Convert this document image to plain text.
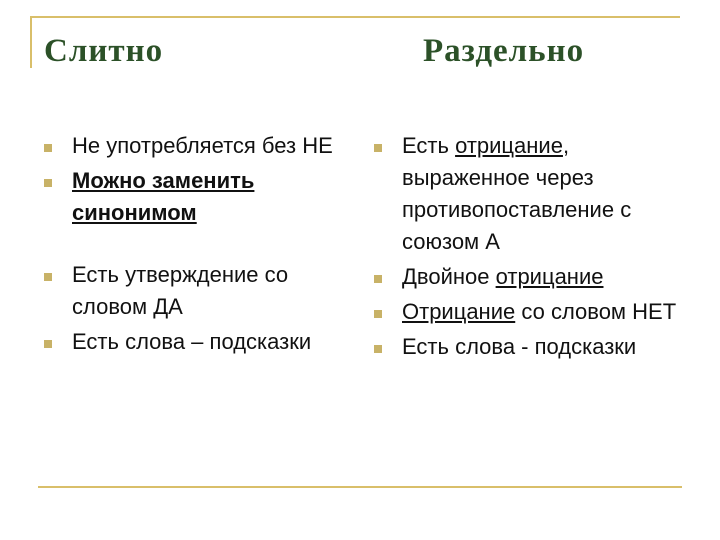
Слитно	Раздельно
Не употребляется без НЕ
Можно заменить синонимом
Есть утверждение со словом ДА
Есть слова – подсказки
Есть отрицание, выраженное через противопоставление с союзом А
Двойное отрицание
Отрицание со словом НЕТ
Есть слова - подсказки
